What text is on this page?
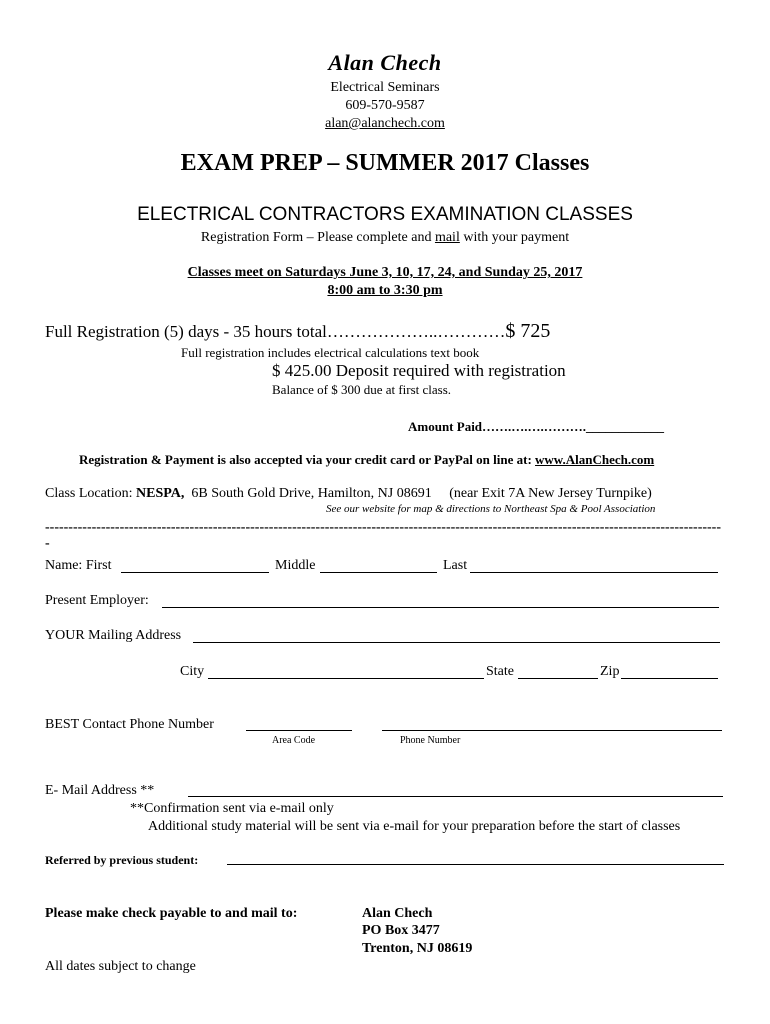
Alan Chech
Electrical Seminars
609-570-9587
alan@alanchech.com
EXAM PREP – SUMMER 2017 Classes
ELECTRICAL CONTRACTORS EXAMINATION CLASSES
Registration Form – Please complete and mail with your payment
Classes meet on Saturdays June 3, 10, 17, 24, and Sunday 25, 2017
8:00 am to 3:30 pm
Full Registration (5) days - 35 hours total………………..…………$ 725
Full registration includes electrical calculations text book
$ 425.00 Deposit required with registration
Balance of $ 300 due at first class.
Amount Paid…….….….……….____________
Registration & Payment is also accepted via your credit card or PayPal on line at: www.AlanChech.com
Class Location: NESPA,  6B South Gold Drive, Hamilton, NJ 08691     (near Exit 7A New Jersey Turnpike)
See our website for map & directions to Northeast Spa & Pool Association
--------------------------------------------------------------------------------------------------------------------------------------------------
Name: First	Middle	Last
Present Employer:
YOUR Mailing Address
City	State	Zip
BEST Contact Phone Number
Area Code	Phone Number
E- Mail Address **
**Confirmation sent via e-mail only
Additional study material will be sent via e-mail for your preparation before the start of classes
Referred by previous student:
Please make check payable to and mail to:	Alan Chech
PO Box 3477
Trenton, NJ 08619
All dates subject to change
